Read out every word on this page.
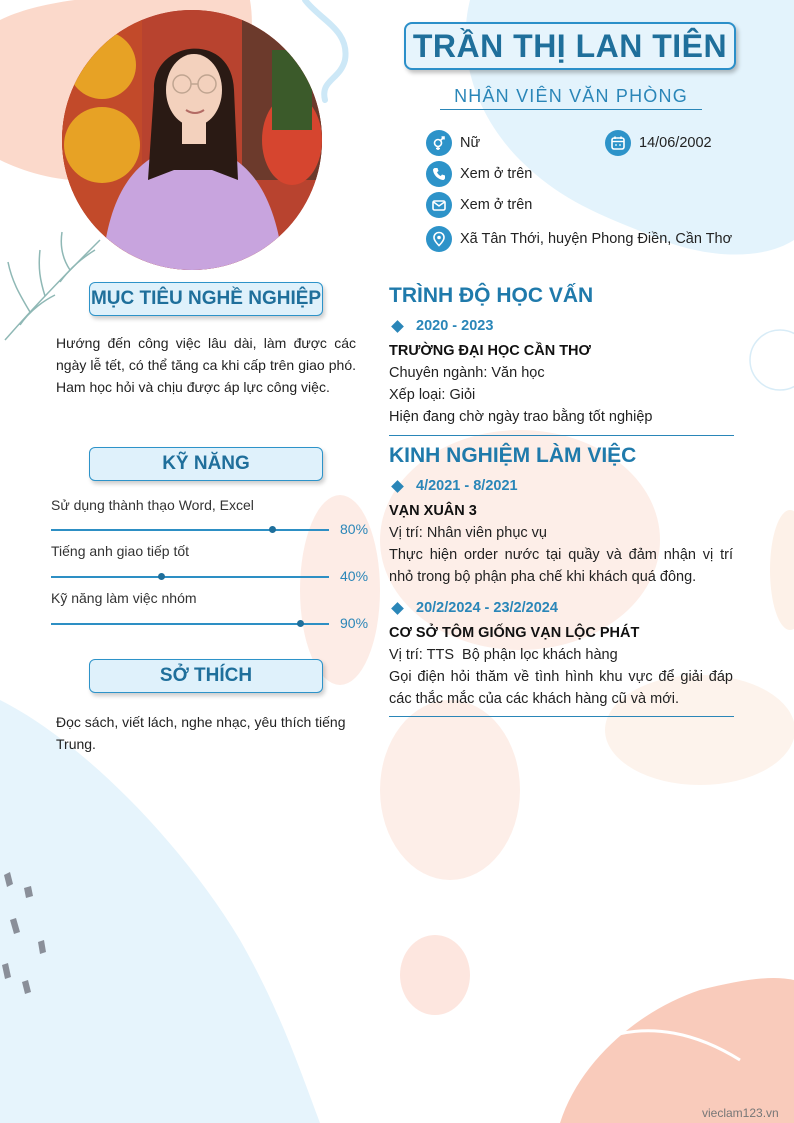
TRẦN THỊ LAN TIÊN
NHÂN VIÊN VĂN PHÒNG
Nữ	14/06/2002
Xem ở trên
Xem ở trên
Xã Tân Thới, huyện Phong Điền, Cần Thơ
MỤC TIÊU NGHỀ NGHIỆP
Hướng đến công việc lâu dài, làm được các ngày lễ tết, có thể tăng ca khi cấp trên giao phó. Ham học hỏi và chịu được áp lực công việc.
KỸ NĂNG
Sử dụng thành thạo Word, Excel
80%
Tiếng anh giao tiếp tốt
40%
Kỹ năng làm việc nhóm
90%
SỞ THÍCH
Đọc sách, viết lách, nghe nhạc, yêu thích tiếng Trung.
TRÌNH ĐỘ HỌC VẤN
2020 - 2023
TRƯỜNG ĐẠI HỌC CẦN THƠ
Chuyên ngành: Văn học
Xếp loại: Giỏi
Hiện đang chờ ngày trao bằng tốt nghiệp
KINH NGHIỆM LÀM VIỆC
4/2021 - 8/2021
VẠN XUÂN 3
Vị trí: Nhân viên phục vụ
Thực hiện order nước tại quầy và đảm nhận vị trí nhỏ trong bộ phận pha chế khi khách quá đông.
20/2/2024 - 23/2/2024
CƠ SỞ TÔM GIỐNG VẠN LỘC PHÁT
Vị trí: TTS  Bộ phận lọc khách hàng
Gọi điện hỏi thăm về tình hình khu vực để giải đáp các thắc mắc của các khách hàng cũ và mới.
vieclam123.vn
